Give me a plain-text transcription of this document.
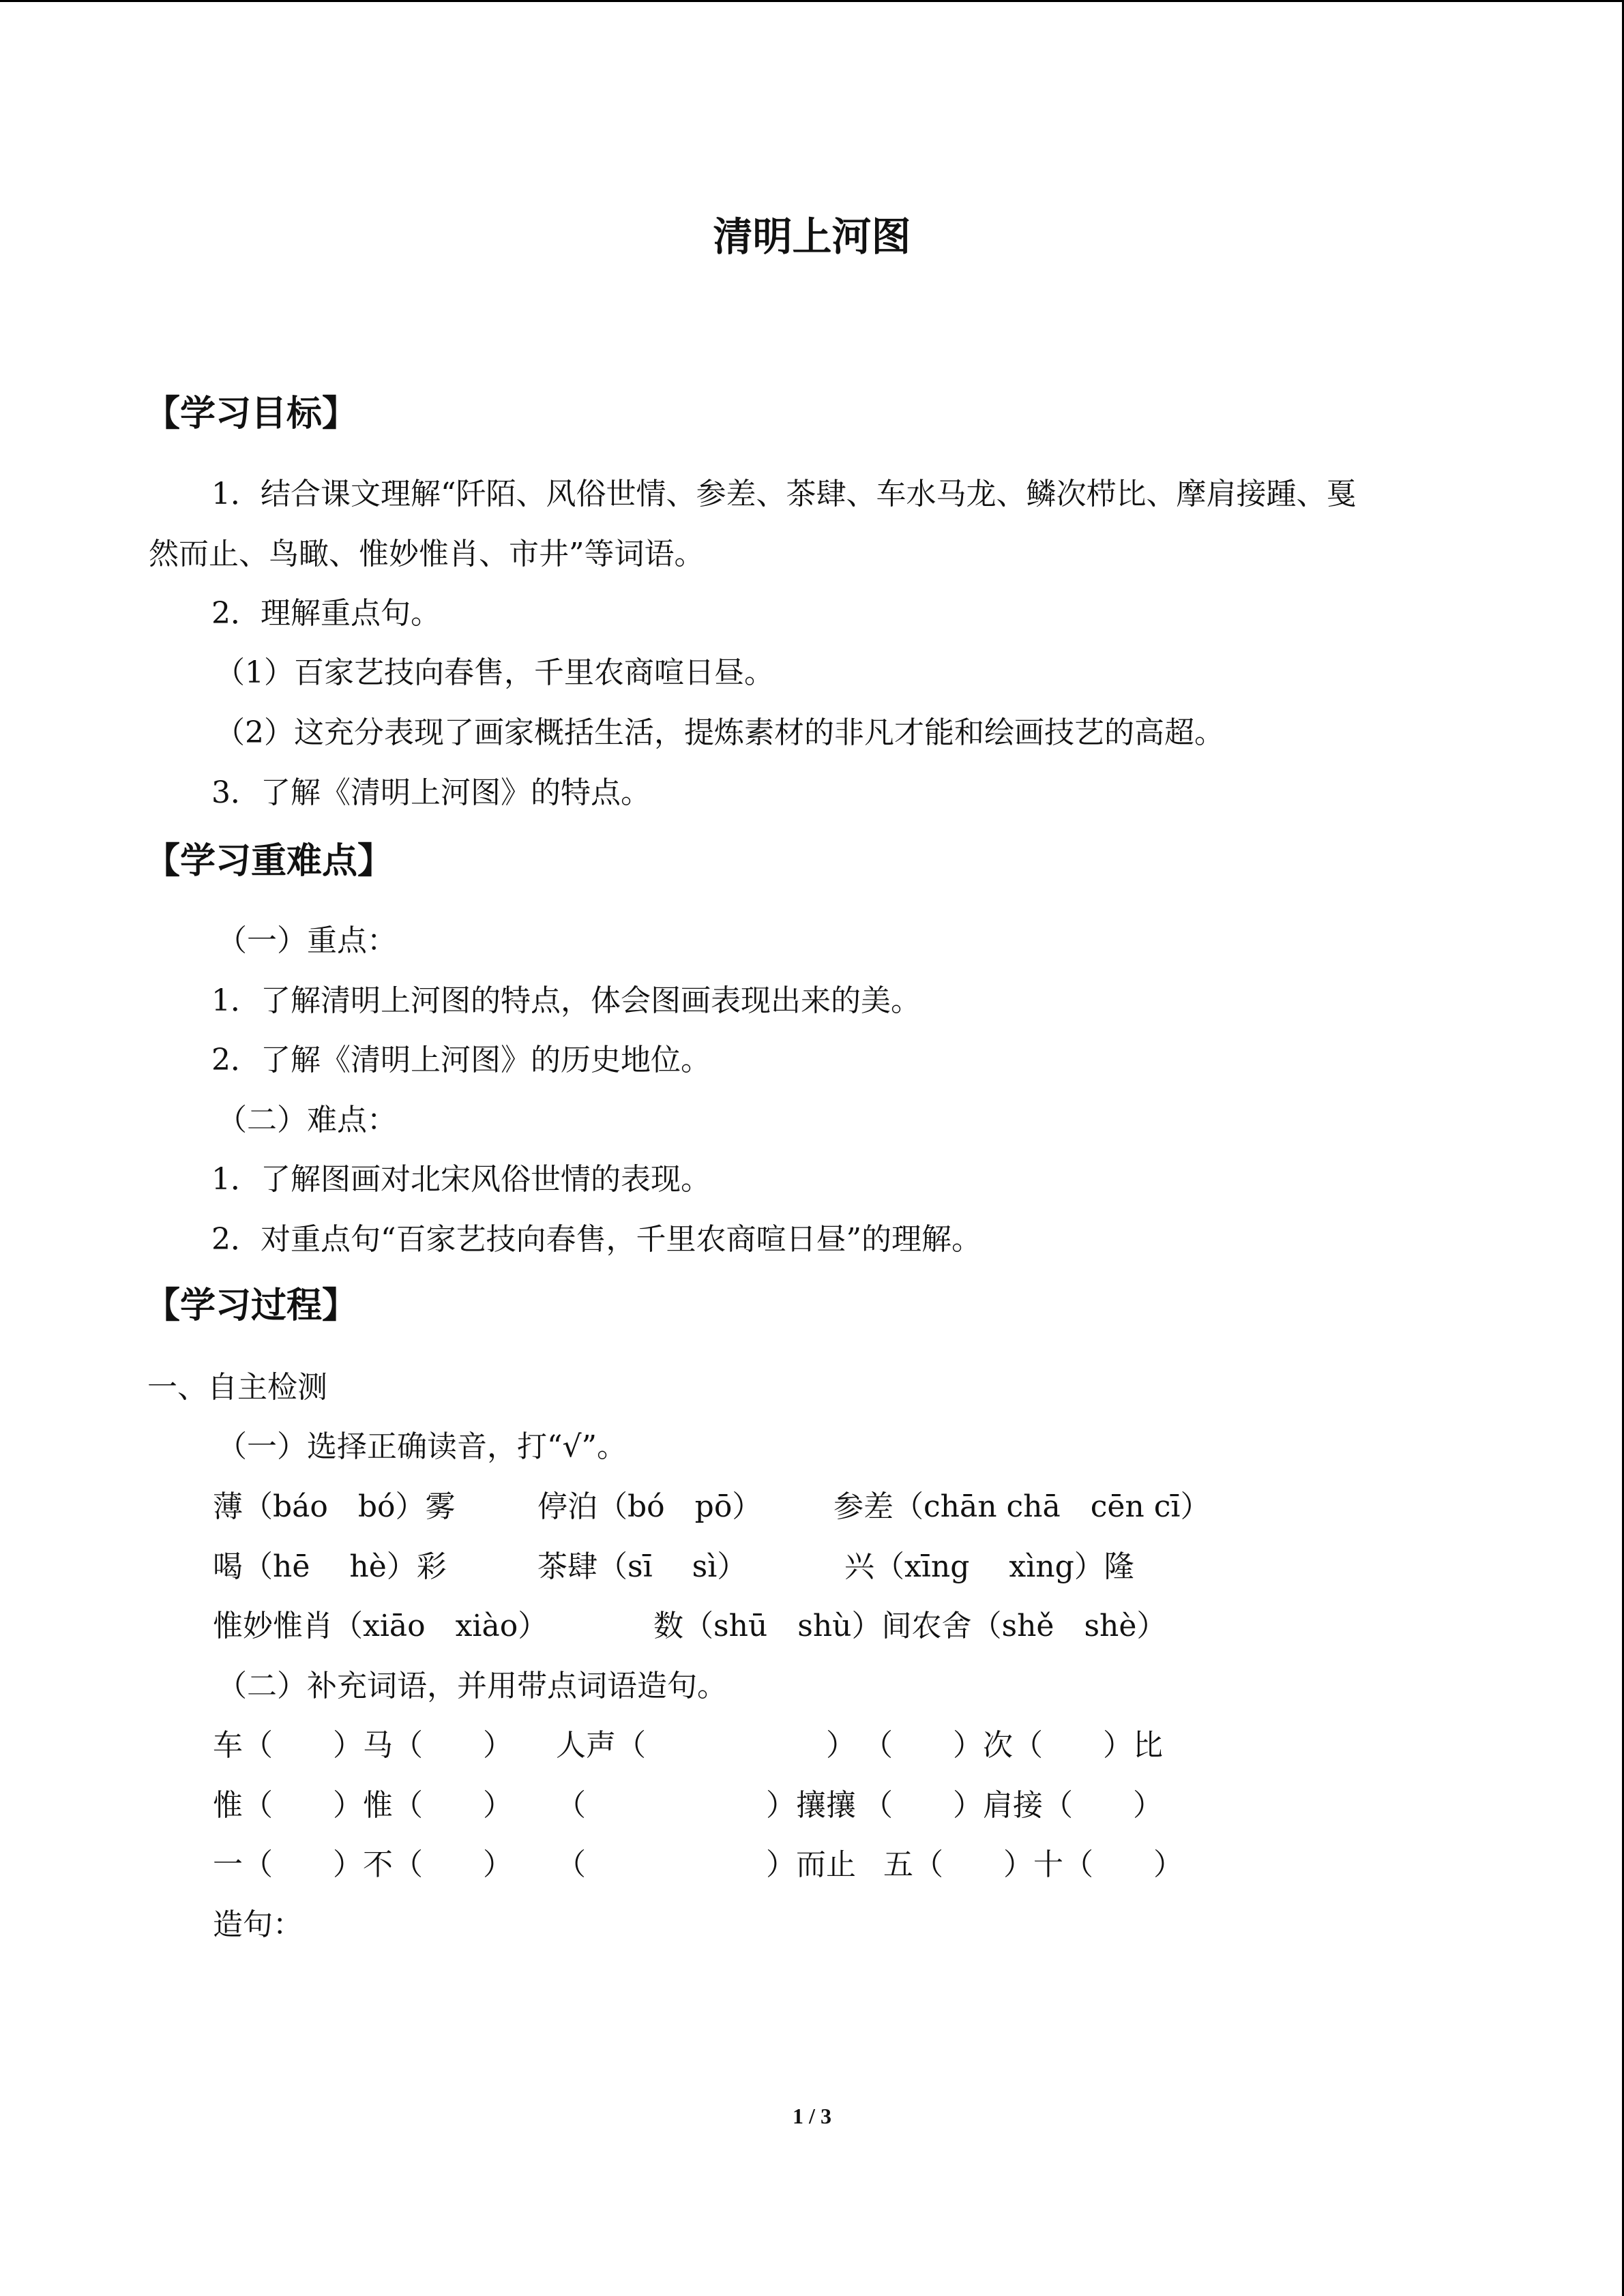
清明上河图
【学习目标】
1．结合课文理解“阡陌、风俗世情、参差、茶肆、车水马龙、鳞次栉比、摩肩接踵、戛
然而止、鸟瞰、惟妙惟肖、市井”等词语。
2．理解重点句。
（1）百家艺技向春售，千里农商喧日昼。
（2）这充分表现了画家概括生活，提炼素材的非凡才能和绘画技艺的高超。
3．了解《清明上河图》的特点。
【学习重难点】
（一）重点：
1．了解清明上河图的特点，体会图画表现出来的美。
2．了解《清明上河图》的历史地位。
（二）难点：
1．了解图画对北宋风俗世情的表现。
2．对重点句“百家艺技向春售，千里农商喧日昼”的理解。
【学习过程】
一、自主检测
（一）选择正确读音，打“√”。
薄（báo　bó）雾	停泊（bó　pō） 参差（chān chā　cēn cī）
喝（hē　 hè）彩	茶肆（sī　 sì）	兴（xīng　 xìng）隆
惟妙惟肖（xiāo　xiào）	数（shū　shù）间农舍（shě　shè）
（二）补充词语，并用带点词语造句。
车（　　）马（　　） 人声（　　　　　　） （　　）次（　　）比
惟（　　）惟（　　） （　　　　　　）攘攘 （　　）肩接（　　）
一（　　）不（　　） （　　　　　　）而止 五（　　）十（　　）
造句：
1 / 3
